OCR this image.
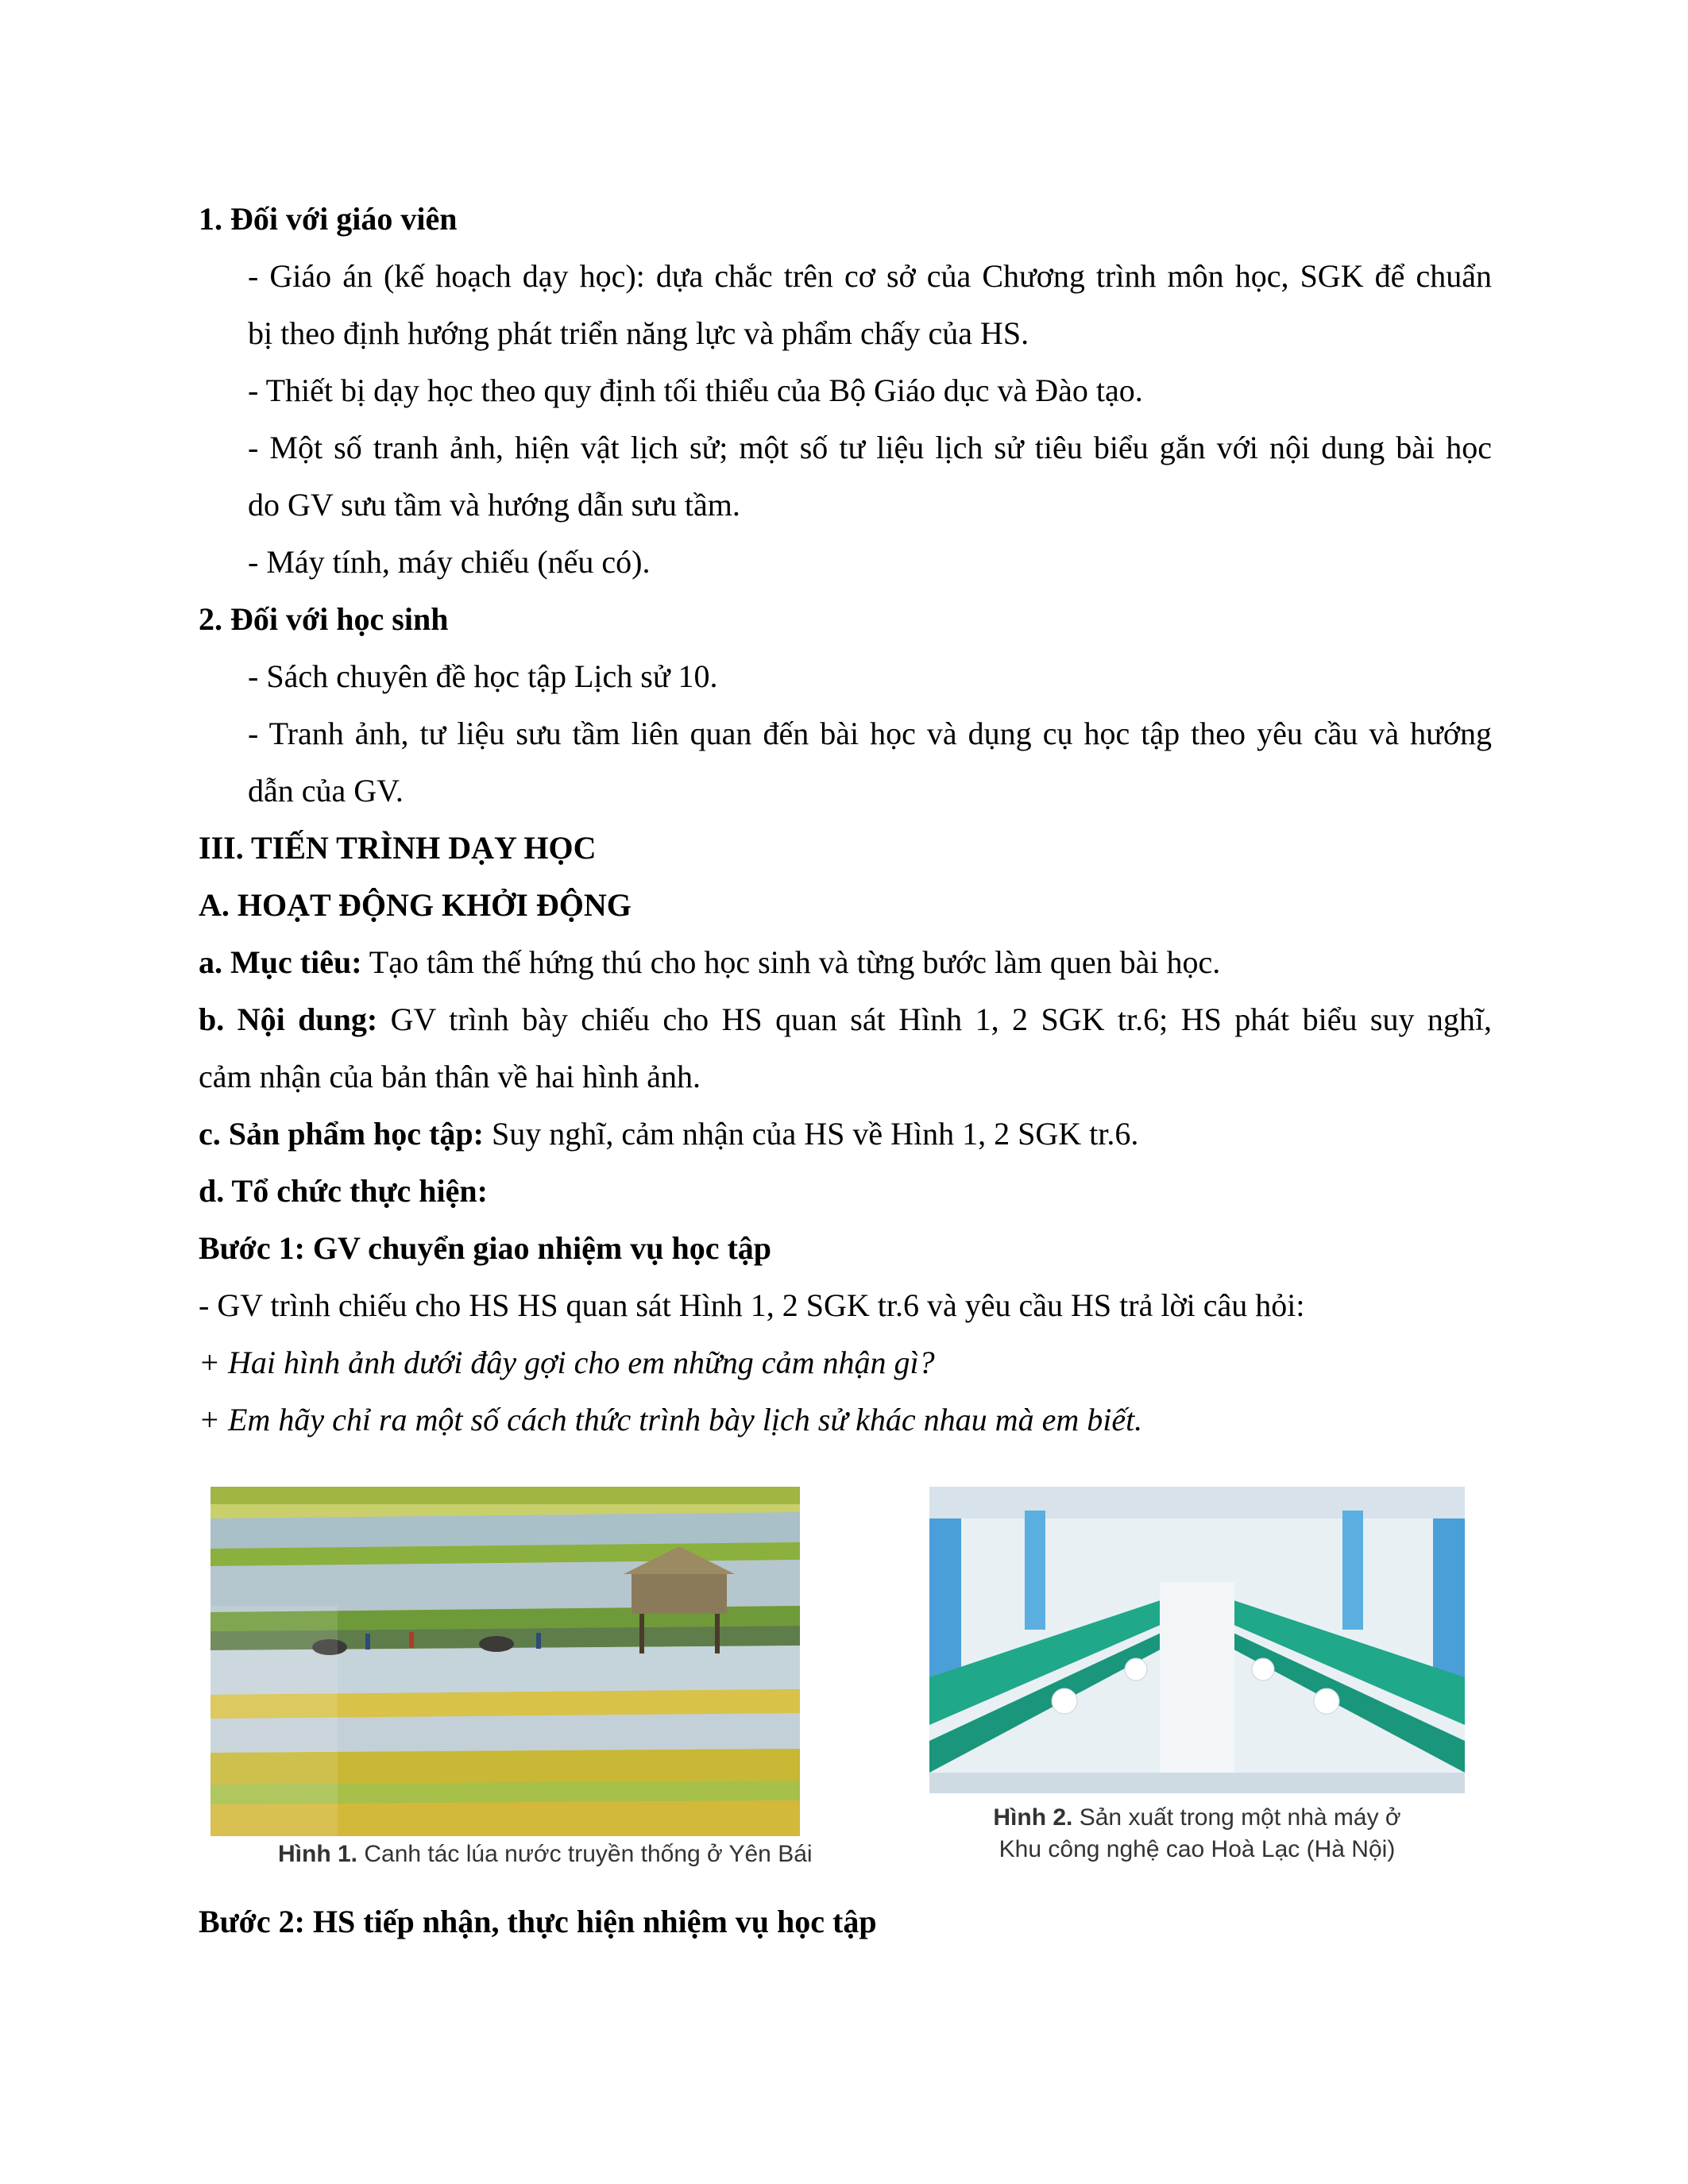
1. Đối với giáo viên
- Giáo án (kế hoạch dạy học): dựa chắc trên cơ sở của Chương trình môn học, SGK để chuẩn
bị theo định hướng phát triển năng lực và phẩm chấy của HS.
- Thiết bị dạy học theo quy định tối thiểu của Bộ Giáo dục và Đào tạo.
- Một số tranh ảnh, hiện vật lịch sử; một số tư liệu lịch sử tiêu biểu gắn với nội dung bài học
do GV sưu tầm và hướng dẫn sưu tầm.
- Máy tính, máy chiếu (nếu có).
2. Đối với học sinh
- Sách chuyên đề học tập Lịch sử 10.
- Tranh ảnh, tư liệu sưu tầm liên quan đến bài học và dụng cụ học tập theo yêu cầu và hướng
dẫn của GV.
III. TIẾN TRÌNH DẠY HỌC
A. HOẠT ĐỘNG KHỞI ĐỘNG
a. Mục tiêu: Tạo tâm thế hứng thú cho học sinh và từng bước làm quen bài học.
b. Nội dung: GV trình bày chiếu cho HS quan sát Hình 1, 2 SGK tr.6; HS phát biểu suy nghĩ,
cảm nhận của bản thân về hai hình ảnh.
c. Sản phẩm học tập: Suy nghĩ, cảm nhận của HS về Hình 1, 2 SGK tr.6.
d. Tổ chức thực hiện:
Bước 1: GV chuyển giao nhiệm vụ học tập
- GV trình chiếu cho HS HS quan sát Hình 1, 2 SGK tr.6 và yêu cầu HS trả lời câu hỏi:
+ Hai hình ảnh dưới đây gợi cho em những cảm nhận gì?
+ Em hãy chỉ ra một số cách thức trình bày lịch sử khác nhau mà em biết.
Hình 1. Canh tác lúa nước truyền thống ở Yên Bái
Hình 2. Sản xuất trong một nhà máy ở
Khu công nghệ cao Hoà Lạc (Hà Nội)
Bước 2: HS tiếp nhận, thực hiện nhiệm vụ học tập
